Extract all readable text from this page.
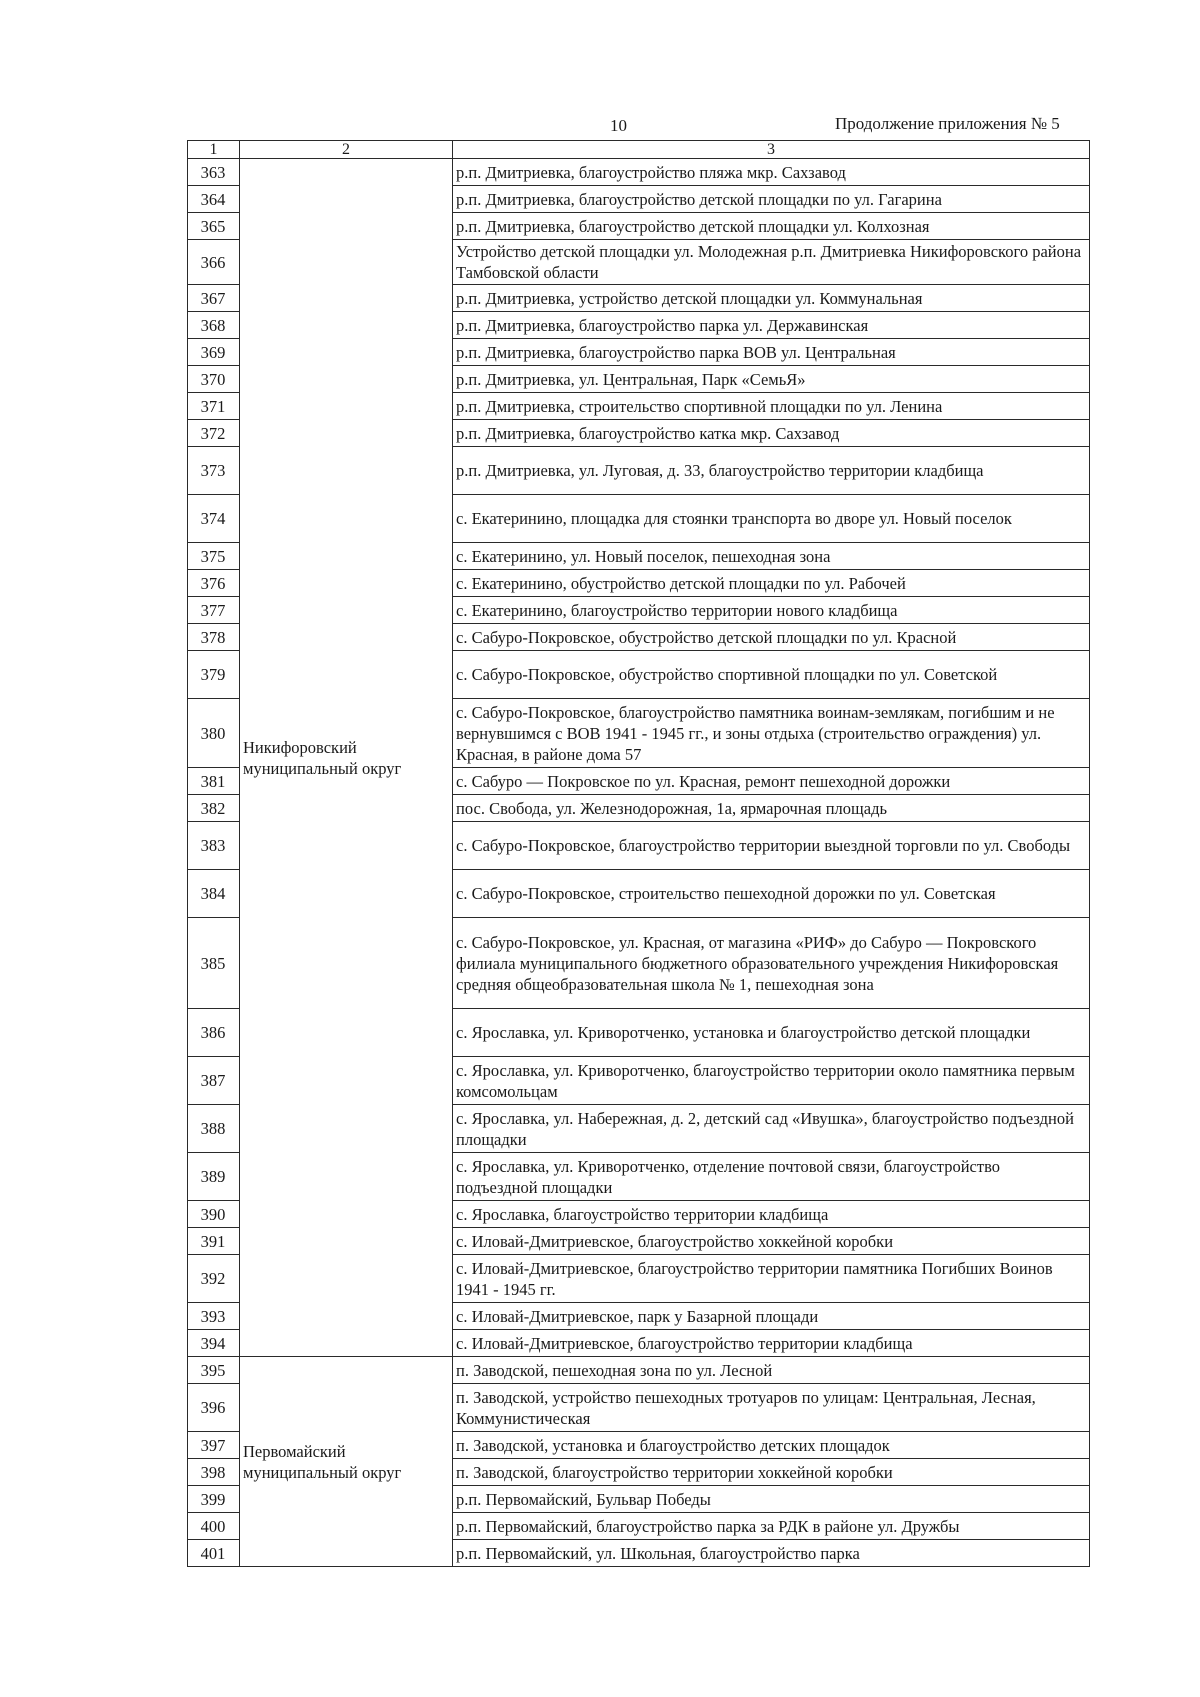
10	Продолжение приложения № 5
1	2	3
363	Никифоровский муниципальный округ	р.п. Дмитриевка, благоустройство пляжа мкр. Сахзавод
364		р.п. Дмитриевка, благоустройство детской площадки по ул. Гагарина
365		р.п. Дмитриевка, благоустройство детской площадки ул. Колхозная
366		Устройство детской площадки ул. Молодежная р.п. Дмитриевка Никифоровского района Тамбовской области
367		р.п. Дмитриевка, устройство детской площадки ул. Коммунальная
368		р.п. Дмитриевка, благоустройство парка ул. Державинская
369		р.п. Дмитриевка, благоустройство парка ВОВ ул. Центральная
370		р.п. Дмитриевка, ул. Центральная, Парк «СемьЯ»
371		р.п. Дмитриевка, строительство спортивной площадки по ул. Ленина
372		р.п. Дмитриевка, благоустройство катка мкр. Сахзавод
373		р.п. Дмитриевка, ул. Луговая, д. 33, благоустройство территории кладбища
374		с. Екатеринино, площадка для стоянки транспорта во дворе ул. Новый поселок
375		с. Екатеринино, ул. Новый поселок, пешеходная зона
376		с. Екатеринино, обустройство детской площадки по ул. Рабочей
377		с. Екатеринино, благоустройство территории нового кладбища
378		с. Сабуро-Покровское, обустройство детской площадки по ул. Красной
379		с. Сабуро-Покровское, обустройство спортивной площадки по ул. Советской
380		с. Сабуро-Покровское, благоустройство памятника воинам-землякам, погибшим и не вернувшимся с ВОВ 1941 - 1945 гг., и зоны отдыха (строительство ограждения) ул. Красная, в районе дома 57
381		с. Сабуро — Покровское по ул. Красная, ремонт пешеходной дорожки
382		пос. Свобода, ул. Железнодорожная, 1а, ярмарочная площадь
383		с. Сабуро-Покровское, благоустройство территории выездной торговли по ул. Свободы
384		с. Сабуро-Покровское, строительство пешеходной дорожки по ул. Советская
385		с. Сабуро-Покровское, ул. Красная, от магазина «РИФ» до Сабуро — Покровского филиала муниципального бюджетного образовательного учреждения Никифоровская средняя общеобразовательная школа № 1, пешеходная зона
386		с. Ярославка, ул. Криворотченко, установка и благоустройство детской площадки
387		с. Ярославка, ул. Криворотченко, благоустройство территории около памятника первым комсомольцам
388		с. Ярославка, ул. Набережная, д. 2, детский сад «Ивушка», благоустройство подъездной площадки
389		с. Ярославка, ул. Криворотченко, отделение почтовой связи, благоустройство подъездной площадки
390		с. Ярославка, благоустройство территории кладбища
391		с. Иловай-Дмитриевское, благоустройство хоккейной коробки
392		с. Иловай-Дмитриевское, благоустройство территории памятника Погибших Воинов 1941 - 1945 гг.
393		с. Иловай-Дмитриевское, парк у Базарной площади
394		с. Иловай-Дмитриевское, благоустройство территории кладбища
395	Первомайский муниципальный округ	п. Заводской, пешеходная зона по ул. Лесной
396		п. Заводской, устройство пешеходных тротуаров по улицам: Центральная, Лесная, Коммунистическая
397		п. Заводской, установка и благоустройство детских площадок
398		п. Заводской, благоустройство территории хоккейной коробки
399		р.п. Первомайский, Бульвар Победы
400		р.п. Первомайский, благоустройство парка за РДК в районе ул. Дружбы
401		р.п. Первомайский, ул. Школьная, благоустройство парка
